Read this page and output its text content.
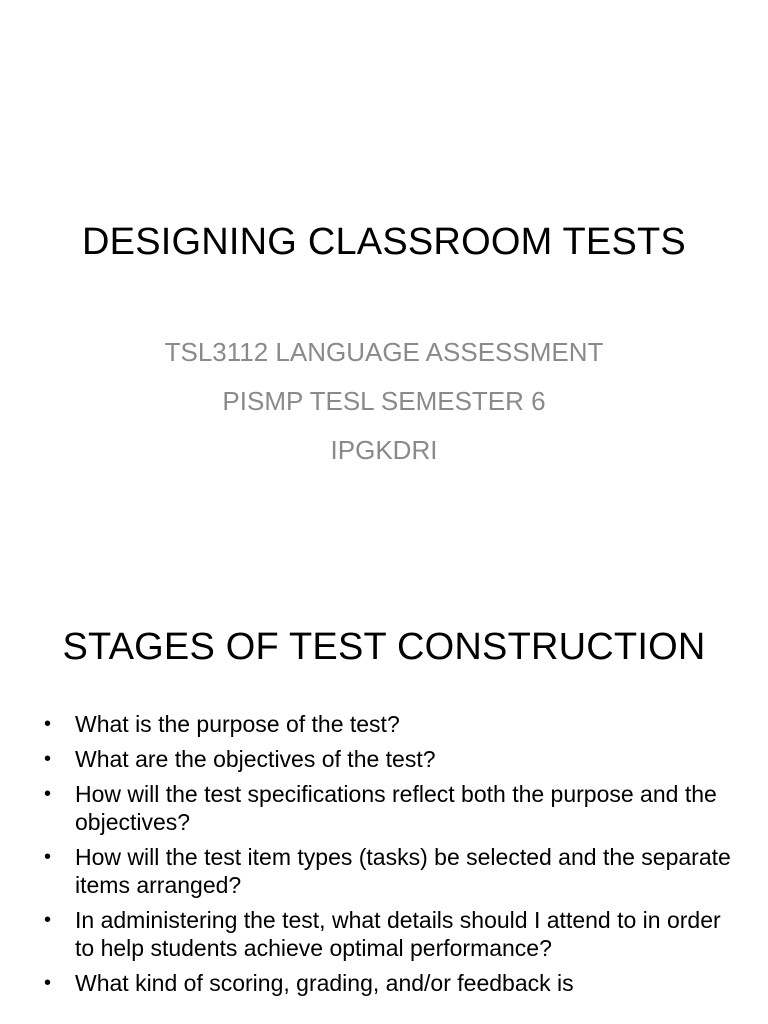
DESIGNING CLASSROOM TESTS
TSL3112 LANGUAGE ASSESSMENT
PISMP TESL SEMESTER 6
IPGKDRI
STAGES OF TEST CONSTRUCTION
• What is the purpose of the test?
• What are the objectives of the test?
• How will the test specifications reflect both the purpose and the objectives?
• How will the test item types (tasks) be selected and the separate items arranged?
• In administering the test, what details should I attend to in order to help students achieve optimal performance?
• What kind of scoring, grading, and/or feedback is
